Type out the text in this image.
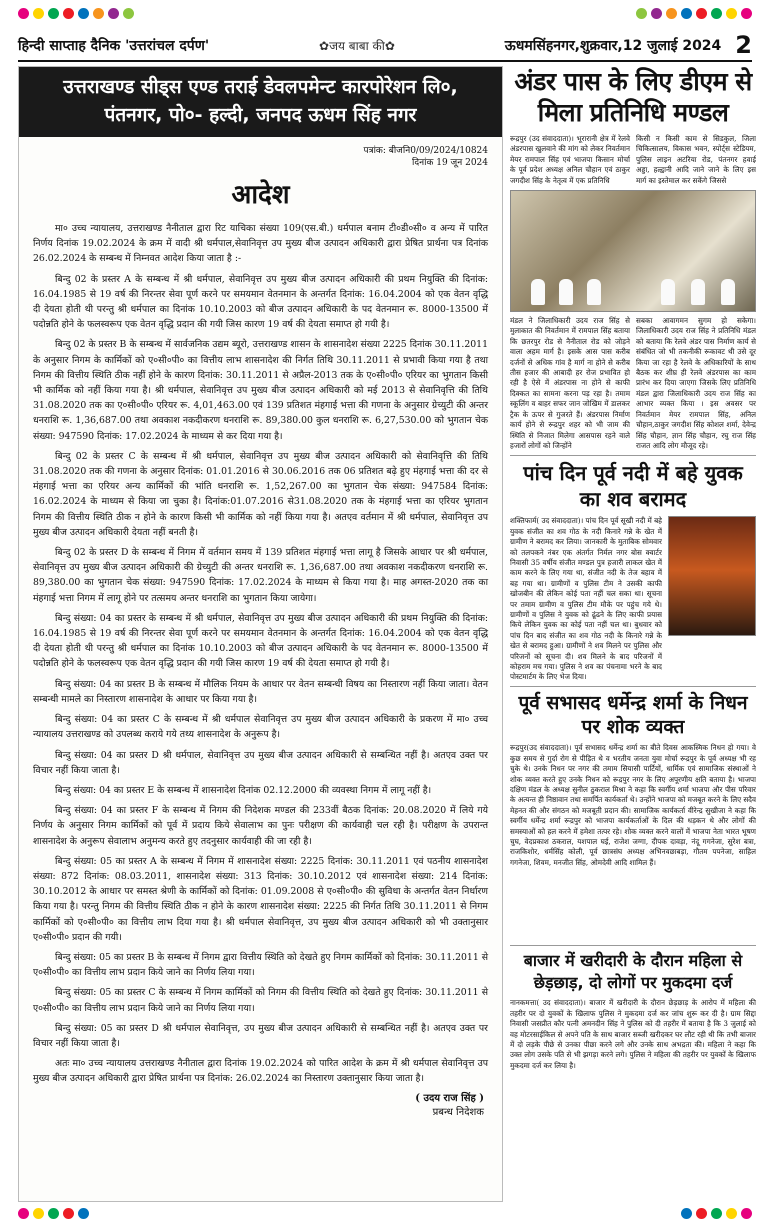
हिन्दी साप्ताह दैनिक 'उत्तरांचल दर्पण'	✿जय बाबा की✿	ऊधमसिंहनगर,शुक्रवार,12 जुलाई 2024 2
उत्तराखण्ड सीड्स एण्ड तराई डेवलपमेन्ट कारपोरेशन लि०,
पंतनगर, पो०- हल्दी, जनपद ऊधम सिंह नगर
पत्रांक: बीजनि0/09/2024/10824
दिनांक 19 जून 2024
आदेश

मा० उच्च न्यायालय, उत्तराखण्ड नैनीताल द्वारा रिट याचिका संख्या 109(एस.बी.) धर्मपाल बनाम टी०डी०सी० व अन्य में पारित निर्णय दिनांक 19.02.2024 के क्रम में वादी श्री धर्मपाल,सेवानिवृत्त उप मुख्य बीज उत्पादन अधिकारी द्वारा प्रेषित प्रार्थना पत्र दिनांक 26.02.2024 के सम्बन्ध में निम्नवत आदेश किया जाता है :-

बिन्दु 02 के प्रस्तर A के सम्बन्ध में श्री धर्मपाल, सेवानिवृत्त उप मुख्य बीज उत्पादन अधिकारी की प्रथम नियुक्ति की दिनांक: 16.04.1985 से 19 वर्ष की निरन्तर सेवा पूर्ण करने पर समयमान वेतनमान के अन्तर्गत दिनांक: 16.04.2004 को एक वेतन वृद्धि दी देयता होती थी परन्तु श्री धर्मपाल का दिनांक 10.10.2003 को बीज उत्पादन अधिकारी के पद वेतनमान रू. 8000-13500 में पदोन्नति होने के फलस्वरूप एक वेतन वृद्धि प्रदान की गयी जिस कारण 19 वर्ष की देयता समाप्त हो गयी है।

बिन्दु 02 के प्रस्तर B के सम्बन्ध में सार्वजनिक उद्यम ब्यूरो, उत्तराखण्ड शासन के शासनादेश संख्या 2225 दिनांक 30.11.2011 के अनुसार निगम के कार्मिकों को ए०सी०पी० का वित्तीय लाभ शासनादेश की निर्गत तिथि 30.11.2011 से प्रभावी किया गया है तथा निगम की वित्तीय स्थिति ठीक नहीं होने के कारण दिनांक: 30.11.2011 से अप्रैल-2013 तक के ए०सी०पी० एरियर का भुगतान किसी भी कार्मिक को नहीं किया गया है। श्री धर्मपाल, सेवानिवृत्त उप मुख्य बीज उत्पादन अधिकारी को मई 2013 से सेवानिवृत्ति की तिथि 31.08.2020 तक का ए०सी०पी० एरियर रू. 4,01,463.00 एवं 139 प्रतिशत मंहगाई भत्ता की गणना के अनुसार ग्रेच्युटी की अन्तर धनराशि रू. 1,36,687.00 तथा अवकाश नकदीकरण धनराशि रू. 89,380.00 कुल धनराशि रू. 6,27,530.00 को भुगतान चेक संख्या: 947590 दिनांक: 17.02.2024 के माध्यम से कर दिया गया है।

बिन्दु 02 के प्रस्तर C के सम्बन्ध में श्री धर्मपाल, सेवानिवृत्त उप मुख्य बीज उत्पादन अधिकारी को सेवानिवृत्ति की तिथि 31.08.2020 तक की गणना के अनुसार दिनांक: 01.01.2016 से 30.06.2016 तक 06 प्रतिशत बढ़े हुए मंहगाई भत्ता की दर से मंहगाई भत्ता का एरियर अन्य कार्मिकों की भांति धनराशि रू. 1,52,267.00 का भुगतान चेक संख्या: 947584 दिनांक: 16.02.2024 के माध्यम से किया जा चुका है। दिनांक:01.07.2016 से31.08.2020 तक के मंहगाई भत्ता का एरियर भुगतान निगम की वित्तीय स्थिति ठीक न होने के कारण किसी भी कार्मिक को नहीं किया गया है। अतएव वर्तमान में श्री धर्मपाल, सेवानिवृत्त उप मुख्य बीज उत्पादन अधिकारी देयता नहीं बनती है।

बिन्दु 02 के प्रस्तर D के सम्बन्ध में निगम में वर्तमान समय में 139 प्रतिशत मंहगाई भत्ता लागू है जिसके आधार पर श्री धर्मपाल, सेवानिवृत्त उप मुख्य बीज उत्पादन अधिकारी की ग्रेच्युटी की अन्तर धनराशि रू. 1,36,687.00 तथा अवकाश नकदीकरण धनराशि रू. 89,380.00 का भुगतान चेक संख्या: 947590 दिनांक: 17.02.2024 के माध्यम से किया गया है। माह अगस्त-2020 तक का मंहगाई भत्ता निगम में लागू होने पर तत्समय अन्तर धनराशि का भुगतान किया जायेगा।

बिन्दु संख्या: 04 का प्रस्तर के सम्बन्ध में श्री धर्मपाल, सेवानिवृत्त उप मुख्य बीज उत्पादन अधिकारी की प्रथम नियुक्ति की दिनांक: 16.04.1985 से 19 वर्ष की निरन्तर सेवा पूर्ण करने पर समयमान वेतनमान के अन्तर्गत दिनांक: 16.04.2004 को एक वेतन वृद्धि दी देयता होती थी परन्तु श्री धर्मपाल का दिनांक 10.10.2003 को बीज उत्पादन अधिकारी के पद वेतनमान रू. 8000-13500 में पदोन्नति होने के फलस्वरूप एक वेतन वृद्धि प्रदान की गयी जिस कारण 19 वर्ष की देयता समाप्त हो गयी है।

बिन्दु संख्या: 04 का प्रस्तर B के सम्बन्ध में मौलिक नियम के आधार पर वेतन सम्बन्धी विषय का निस्तारण नहीं किया जाता। वेतन सम्बन्धी मामले का निस्तारण शासनादेश के आधार पर किया गया है।

बिन्दु संख्या: 04 का प्रस्तर C के सम्बन्ध में श्री धर्मपाल सेवानिवृत्त उप मुख्य बीज उत्पादन अधिकारी के प्रकरण में मा० उच्च न्यायालय उत्तराखण्ड को उपलब्ध कराये गये तथ्य शासनादेश के अनुरूप है।

बिन्दु संख्या: 04 का प्रस्तर D श्री धर्मपाल, सेवानिवृत्त उप मुख्य बीज उत्पादन अधिकारी से सम्बन्धित नहीं है। अतएव उक्त पर विचार नहीं किया जाता है।

बिन्दु संख्या: 04 का प्रस्तर E के सम्बन्ध में शासनादेश दिनांक 02.12.2000 की व्यवस्था निगम में लागू नहीं है।

बिन्दु संख्या: 04 का प्रस्तर F के सम्बन्ध में निगम की निदेशक मण्डल की 233वीं बैठक दिनांक: 20.08.2020 में लिये गये निर्णय के अनुसार निगम कार्मिकों को पूर्व में प्रदाय किये सेवालाभ का पुनः परीक्षण की कार्यवाही चल रही है। परीक्षण के उपरान्त शासनादेश के अनुरूप सेवालाभ अनुमन्य करते हुए तदनुसार कार्यवाही की जा रही है।

बिन्दु संख्या: 05 का प्रस्तर A के सम्बन्ध में निगम में शासनादेश संख्या: 2225 दिनांक: 30.11.2011 एवं पठनीय शासनादेश संख्या: 872 दिनांक: 08.03.2011, शासनादेश संख्या: 313 दिनांक: 30.10.2012 एवं शासनादेश संख्या: 214 दिनांक: 30.10.2012 के आधार पर समस्त श्रेणी के कार्मिकों को दिनांक: 01.09.2008 से ए०सी०पी० की सुविधा के अन्तर्गत वेतन निर्धारण किया गया है। परन्तु निगम की वित्तीय स्थिति ठीक न होने के कारण शासनादेश संख्या: 2225 की निर्गत तिथि 30.11.2011 से निगम कार्मिकों को ए०सी०पी० का वित्तीय लाभ दिया गया है। श्री धर्मपाल सेवानिवृत्त, उप मुख्य बीज उत्पादन अधिकारी को भी उक्तानुसार ए०सी०पी० प्रदान की गयी।

बिन्दु संख्या: 05 का प्रस्तर B के सम्बन्ध में निगम द्वारा वित्तीय स्थिति को देखते हुए निगम कार्मिकों को दिनांक: 30.11.2011 से ए०सी०पी० का वित्तीय लाभ प्रदान किये जाने का निर्णय लिया गया।

बिन्दु संख्या: 05 का प्रस्तर C के सम्बन्ध में निगम कार्मिकों को निगम की वित्तीय स्थिति को देखते हुए दिनांक: 30.11.2011 से ए०सी०पी० का वित्तीय लाभ प्रदान किये जाने का निर्णय लिया गया।

बिन्दु संख्या: 05 का प्रस्तर D श्री धर्मपाल सेवानिवृत्त, उप मुख्य बीज उत्पादन अधिकारी से सम्बन्धित नहीं है। अतएव उक्त पर विचार नहीं किया जाता है।

अतः मा० उच्च न्यायालय उत्तराखण्ड नैनीताल द्वारा दिनांक 19.02.2024 को पारित आदेश के क्रम में श्री धर्मपाल सेवानिवृत्त उप मुख्य बीज उत्पादन अधिकारी द्वारा प्रेषित प्रार्थना पत्र दिनांक: 26.02.2024 का निस्तारण उक्तानुसार किया जाता है।

( उदय राज सिंह )
प्रबन्ध निदेशक
अंडर पास के लिए डीएम से मिला प्रतिनिधि मण्डल
रूद्रपुर (उद संवाददाता)। भूरारानी क्षेत्र में रेलवे अंडरपास खुलवाने की मांग को लेकर निवर्तमान मेयर रामपाल सिंह एवं भाजपा किसान मोर्चा के पूर्व प्रदेश अध्यक्ष अनिल चौहान एवं ठाकुर जगदीश सिंह के नेतृत्व में एक प्रतिनिधि
किसी न किसी काम से सिडकुल, जिला चिकित्सालय, विकास भवन, स्पोर्ट्स स्टेडियम, पुलिस लाइन अटरिया रोड, पंतनगर हवाई अड्डा, हल्द्वानी आदि जाने जाने के लिए इस मार्ग का इस्तेमाल कर सकेंगे जिससे
मंडल ने जिलाधिकारी उदय राज सिंह से मुलाकात की निवर्तमान में रामपाल सिंह बताया कि छतरपुर रोड से नैनीताल रोड को जोड़ने वाला अहम मार्ग है। इसके आस पास करीब दर्जनों से अधिक गांव है मार्ग ना होने से करीब तीस हजार की आबादी हर रोज प्रभावित हो रही है ऐसे में अंडरपास ना होने से काफी दिक्कत का सामना करना पड़ रहा है। तमाम स्कूलिंग व बाहर सफर जान जोखिम में डालकर ट्रैक के ऊपर से गुजरते हैं। अंडरपास निर्माण कार्य होने से रूद्रपुर शहर को भी जाम की स्थिति से निजात मिलेगा आसपास रहने वाले हजारों लोगों को जिन्होंने
सबका आवागमन सुगम हो सकेगा। जिलाधिकारी उदय राज सिंह ने प्रतिनिधि मंडल को बताया कि रेलवे अंडर पास निर्माण कार्य से संबंधित जो भी तकनीकी रूकावट थी उसे दूर किया जा रहा है रेलवे के अधिकारियों के साथ बैठक कर शीघ्र ही रेलवे अंडरपास का काम प्रारंभ कर दिया जाएगा जिसके लिए प्रतिनिधि मंडल द्वारा जिलाधिकारी उदय राज सिंह का आभार व्यक्त किया । इस अवसर पर निवर्तमान मेयर रामपाल सिंह, अनिल चौहान,ठाकुर जगदीश सिंह कोशल शर्मा, देवेन्द्र सिंह चौहान, ज्ञान सिंह चौहान, रघु राज सिंह राजत आदि लोग मौजूद रहे।
पांच दिन पूर्व नदी में बहे युवक का शव बरामद
शक्तिफार्म( उद संवाददाता)। पांच दिन पूर्व सूखी नदी में बहे युवक संजीत का शव गोठ के नदी किनारे गन्ने के खेत में ग्रामीण ने बरामद कर लिया। जानकारी के मुताबिक सोमवार को तलपकने नंबर एक अंतर्गत निर्मल नगर बोस क्वार्टर निवासी 35 वर्षीय संजीत मण्डल पुत्र हजारी लाकल खेत में काम करने के लिए गया था, संजीत नदी के तेज बहाव में बह गया था। ग्रामीणों व पुलिस टीम ने उसकी काफी खोजबीन की लेकिन कोई पता नहीं चल सका था। सूचना पर तमाम ग्रामीण व पुलिस टीम मौके पर पहुंच गये थे। ग्रामीणों व पुलिस ने युवक को ढूंढने के लिए काफी प्रयास किये लेकिन युवक का कोई पता नहीं चल था। बुधवार को पांच दिन बाद संजीत का शव गोठ नदी के किनारे गन्ने के खेत से बरामद हुआ। ग्रामीणों ने शव मिलने पर पुलिस और परिजनों को सूचना दी। शव मिलने के बाद परिजनों में कोहराम मच गया। पुलिस ने शव का पंचनामा भरने के बाद पोस्टमार्टम के लिए भेज दिया।
पूर्व सभासद धर्मेन्द्र शर्मा के निधन पर शोक व्यक्त
रूद्रपुर(उद संवाददाता)। पूर्व सभासद धर्मेन्द्र शर्मा का बीते दिवस आकस्मिक निधन हो गया। वे कुछ समय से गुर्दा रोग से पीड़ित थे व भरतीय जनता युवा मोर्चा रूद्रपुर के पूर्व अध्यक्ष भी रह चुके थे। उनके निधन पर नगर की तमाम सियासी पार्टियों, धार्मिक एवं सामाजिक संस्थाओं ने शोक व्यक्त करते हुए उनके निधन को रूद्रपुर नगर के लिए अपूरणीय क्षति बताया है। भाजपा दक्षिण मंडल के अध्यक्ष सुनील ठुकराल मिश्रा ने कहा कि स्वर्गीय शर्मा भाजपा और पीस परिवार के अत्यन्त ही निष्ठावान तथा समर्पित कार्यकर्ता थे। उन्होंने भाजपा को मजबूत करने के लिए सदैव मेहनत की और संगठन को मजबूती प्रदान की। सामाजिक कार्यकर्ता वीरेन्द्र सुखीजा ने कहा कि स्वर्गीय धर्मेन्द्र शर्मा रूद्रपुर को भाजपा कार्यकर्ताओं के दिल की धड़कन थे और लोगों की समस्याओं को हल करने में हमेशा तत्पर रहे। शोक व्यक्त करने वालों में भाजपा नेता भारत भूषण चुघ, वेदप्रकाश ठकराल, यशपाल घई, राजेश जग्गा, दीपक दावड़ा, नंदू गगनेजा, सुरेश बत्रा, राजकिशोर, धर्मसिंह कोली, पूर्व छात्रसंघ अध्यक्ष अभिनवछाबड़ा, गौतम पपनेजा, साहिल गगनेजा, शिवम, मनजीत सिंह, ओमदेवी आदि शामिल हैं।
बाजार में खरीदारी के दौरान महिला से छेड़छाड़, दो लोगों पर मुकदमा दर्ज
नानकमत्ता( उद संवाददाता)। बाजार में खरीदारी के दौरान छेड़छाड़ के आरोप में महिला की तहरीर पर दो युवकों के खिलाफ पुलिस ने मुकदमा दर्ज कर जांच शुरू कर दी है। ग्राम सिद्दा निवासी जसप्रीत कौर पत्नी अमनदीन सिंह ने पुलिस को दी तहरीर में बताया है कि 3 जुलाई को वह मोटरसाईकिल से अपने पति के साथ बाजार सब्जी खरीदकर घर लौट रही थी कि तभी बाजार में दो लड़के पीछे से उनका पीछा करने लगे और उनके साथ अभद्रता की। महिला ने कहा कि उक्त लोग उसके पति से भी झगड़ा करने लगे। पुलिस ने महिला की तहरीर पर युवकों के खिलाफ मुकदमा दर्ज कर लिया है।
